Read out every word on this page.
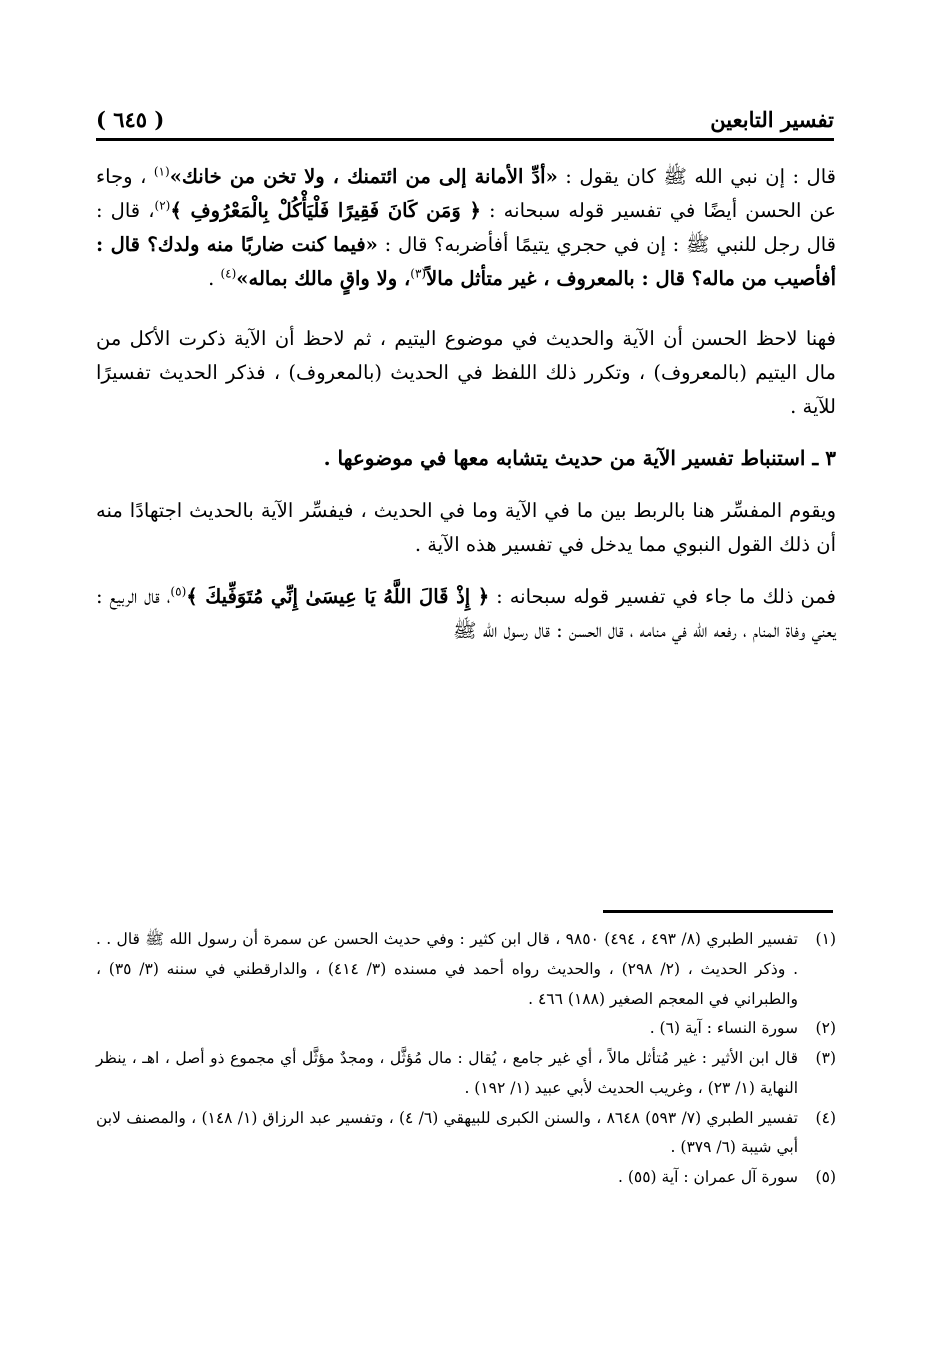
تفسير التابعين
( ٦٤٥ )

قال : إن نبي الله ﷺ كان يقول : «أدِّ الأمانة إلى من ائتمنك ، ولا تخن من خانك»$^{(١)}$ ، وجاء عن الحسن أيضًا في تفسير قوله سبحانه : ﴿ وَمَن كَانَ فَقِيرًا فَلْيَأْكُلْ بِالْمَعْرُوفِ ﴾$^{(٢)}$، قال : قال رجل للنبي ﷺ : إن في حجري يتيمًا أفأضربه؟ قال : «فيما كنت ضاربًا منه ولدك؟ قال : أفأصيب من ماله؟ قال : بالمعروف ، غير متأثل مالاً$^{(٣)}$، ولا واقٍ مالك بماله»$^{(٤)}$ .

فهنا لاحظ الحسن أن الآية والحديث في موضوع اليتيم ، ثم لاحظ أن الآية ذكرت الأكل من مال اليتيم (بالمعروف) ، وتكرر ذلك اللفظ في الحديث (بالمعروف) ، فذكر الحديث تفسيرًا للآية .

٣ ـ استنباط تفسير الآية من حديث يتشابه معها في موضوعها .

ويقوم المفسِّر هنا بالربط بين ما في الآية وما في الحديث ، فيفسِّر الآية بالحديث اجتهادًا منه أن ذلك القول النبوي مما يدخل في تفسير هذه الآية .

فمن ذلك ما جاء في تفسير قوله سبحانه : ﴿ إِذْ قَالَ اللَّهُ يَا عِيسَىٰ إِنِّي مُتَوَفِّيكَ ﴾$^{(٥)}$، قال الربيع : يعني وفاة المنام ، رفعه الله في منامه ، قال الحسن : قال رسول الله ﷺ

(١)
تفسير الطبري (٨/ ٤٩٣ ، ٤٩٤) ٩٨٥٠ ، قال ابن كثير : وفي حديث الحسن عن سمرة أن رسول الله ﷺ قال . . . وذكر الحديث ، (٢/ ٢٩٨) ، والحديث رواه أحمد في مسنده (٣/ ٤١٤) ، والدارقطني في سننه (٣/ ٣٥) ، والطبراني في المعجم الصغير (١٨٨) ٤٦٦ .
(٢)
سورة النساء : آية (٦) .
(٣)
قال ابن الأثير : غير مُتأثل مالاً ، أي غير جامع ، يُقال : مال مُؤثَّل ، ومجدٌ مؤثَّل أي مجموع ذو أصل ، اهـ ، ينظر النهاية (١/ ٢٣) ، وغريب الحديث لأبي عبيد (١/ ١٩٢) .
(٤)
تفسير الطبري (٧/ ٥٩٣) ٨٦٤٨ ، والسنن الكبرى للبيهقي (٦/ ٤) ، وتفسير عبد الرزاق (١/ ١٤٨) ، والمصنف لابن أبي شيبة (٦/ ٣٧٩) .
(٥)
سورة آل عمران : آية (٥٥) .
